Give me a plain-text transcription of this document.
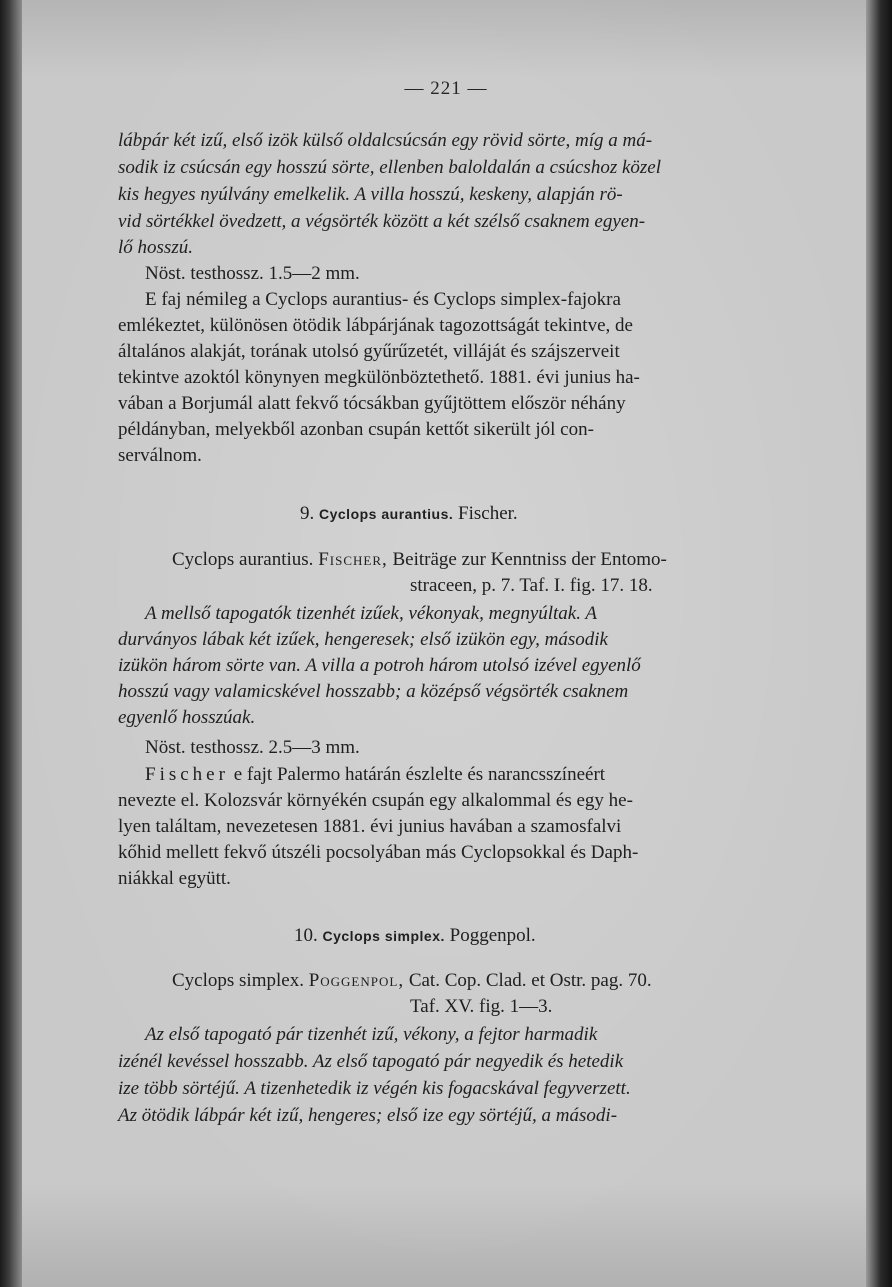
— 221 —
lábpár két izű, első izök külső oldalcsúcsán egy rövid sörte, míg a má-
sodik iz csúcsán egy hosszú sörte, ellenben baloldalán a csúcshoz közel
kis hegyes nyúlvány emelkelik. A villa hosszú, keskeny, alapján rö-
vid sörtékkel övedzett, a végsörték között a két szélső csaknem egyen-
lő hosszú.
Nöst. testhossz. 1.5—2 mm.
E faj némileg a Cyclops aurantius- és Cyclops simplex-fajokra
emlékeztet, különösen ötödik lábpárjának tagozottságát tekintve, de
általános alakját, torának utolsó gyűrűzetét, villáját és szájszerveit
tekintve azoktól könynyen megkülönböztethető. 1881. évi junius ha-
vában a Borjumál alatt fekvő tócsákban gyűjtöttem először néhány
példányban, melyekből azonban csupán kettőt sikerült jól con-
serválnom.
9. Cyclops aurantius. Fischer.
Cyclops aurantius. Fischer, Beiträge zur Kenntniss der Entomo-
straceen, p. 7. Taf. I. fig. 17. 18.
A mellső tapogatók tizenhét izűek, vékonyak, megnyúltak. A
durványos lábak két izűek, hengeresek; első izükön egy, második
izükön három sörte van. A villa a potroh három utolsó izével egyenlő
hosszú vagy valamicskével hosszabb; a középső végsörték csaknem
egyenlő hosszúak.
Nöst. testhossz. 2.5—3 mm.
Fischer e fajt Palermo határán észlelte és narancsszíneért
nevezte el. Kolozsvár környékén csupán egy alkalommal és egy he-
lyen találtam, nevezetesen 1881. évi junius havában a szamosfalvi
kőhid mellett fekvő útszéli pocsolyában más Cyclopsokkal és Daph-
niákkal együtt.
10. Cyclops simplex. Poggenpol.
Cyclops simplex. Poggenpol, Cat. Cop. Clad. et Ostr. pag. 70.
Taf. XV. fig. 1—3.
Az első tapogató pár tizenhét izű, vékony, a fejtor harmadik
izénél kevéssel hosszabb. Az első tapogató pár negyedik és hetedik
ize több sörtéjű. A tizenhetedik iz végén kis fogacskával fegyverzett.
Az ötödik lábpár két izű, hengeres; első ize egy sörtéjű, a másodi-
